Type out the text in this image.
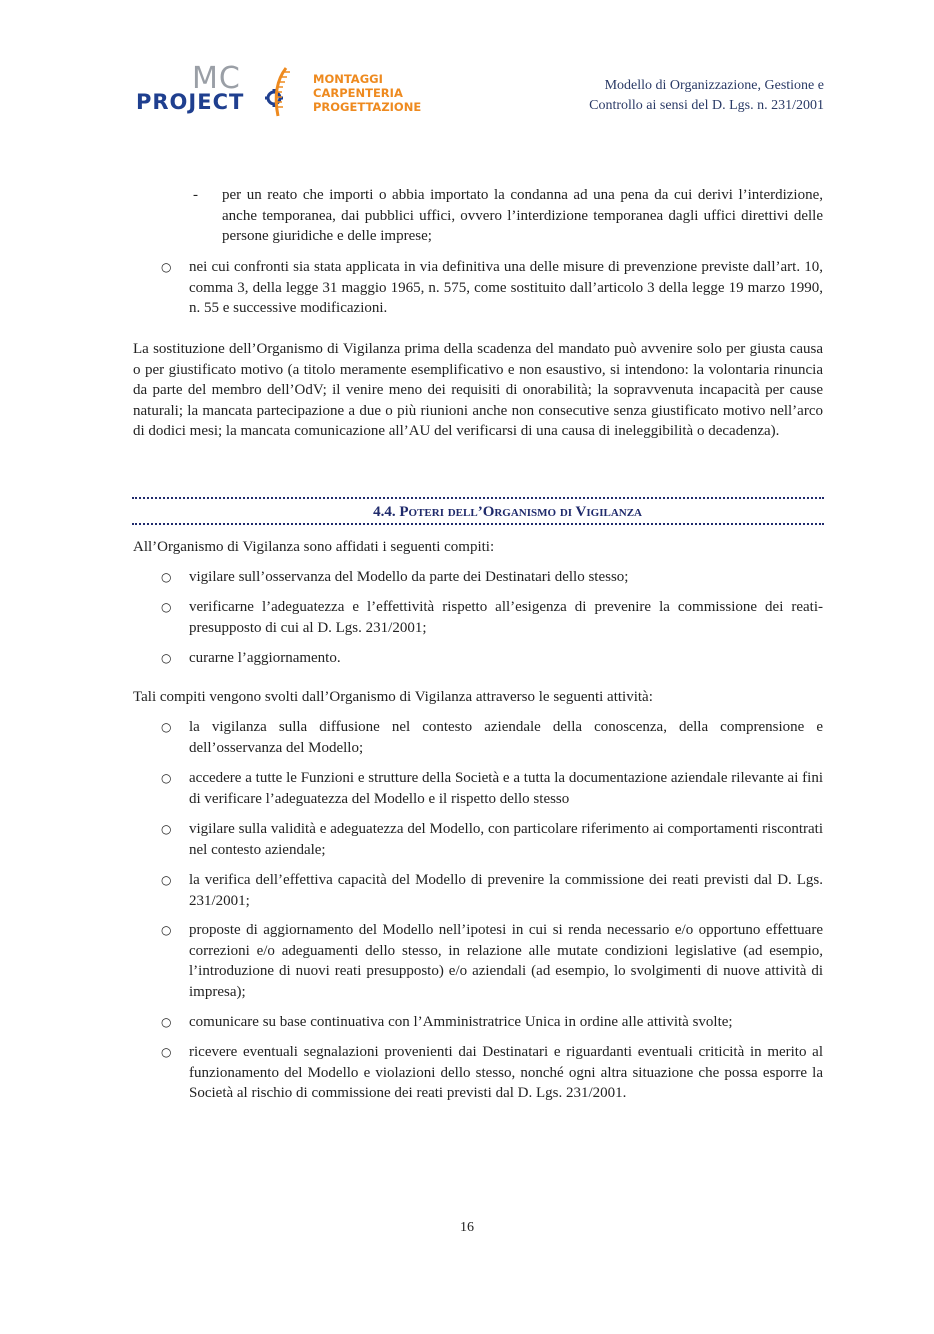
MC
PROJECT
MONTAGGI
CARPENTERIA
PROGETTAZIONE
Modello di Organizzazione, Gestione e
Controllo ai sensi del D. Lgs. n. 231/2001
- per un reato che importi o abbia importato la condanna ad una pena da cui derivi l’interdizione, anche temporanea, dai pubblici uffici, ovvero l’interdizione temporanea dagli uffici direttivi delle persone giuridiche e delle imprese;
○	nei cui confronti sia stata applicata in via definitiva una delle misure di prevenzione previste dall’art. 10, comma 3, della legge 31 maggio 1965, n. 575, come sostituito dall’articolo 3 della legge 19 marzo 1990, n. 55 e successive modificazioni.
La sostituzione dell’Organismo di Vigilanza prima della scadenza del mandato può avvenire solo per giusta causa o per giustificato motivo (a titolo meramente esemplificativo e non esaustivo, si intendono: la volontaria rinuncia da parte del membro dell’OdV; il venire meno dei requisiti di onorabilità; la sopravvenuta incapacità per cause naturali; la mancata partecipazione a due o più riunioni anche non consecutive senza giustificato motivo nell’arco di dodici mesi; la mancata comunicazione all’AU del verificarsi di una causa di ineleggibilità o decadenza).
4.4. Poteri dell’Organismo di Vigilanza
All’Organismo di Vigilanza sono affidati i seguenti compiti:
○	vigilare sull’osservanza del Modello da parte dei Destinatari dello stesso;
○	verificarne l’adeguatezza e l’effettività rispetto all’esigenza di prevenire la commissione dei reati-presupposto di cui al D. Lgs. 231/2001;
○	curarne l’aggiornamento.
Tali compiti vengono svolti dall’Organismo di Vigilanza attraverso le seguenti attività:
○	la vigilanza sulla diffusione nel contesto aziendale della conoscenza, della comprensione e dell’osservanza del Modello;
○	accedere a tutte le Funzioni e strutture della Società e a tutta la documentazione aziendale rilevante ai fini di verificare l’adeguatezza del Modello e il rispetto dello stesso
○	vigilare sulla validità e adeguatezza del Modello, con particolare riferimento ai comportamenti riscontrati nel contesto aziendale;
○	la verifica dell’effettiva capacità del Modello di prevenire la commissione dei reati previsti dal D. Lgs. 231/2001;
○	proposte di aggiornamento del Modello nell’ipotesi in cui si renda necessario e/o opportuno effettuare correzioni e/o adeguamenti dello stesso, in relazione alle mutate condizioni legislative (ad esempio, l’introduzione di nuovi reati presupposto) e/o aziendali (ad esempio, lo svolgimenti di nuove attività di impresa);
○	comunicare su base continuativa con l’Amministratrice Unica in ordine alle attività svolte;
○	ricevere eventuali segnalazioni provenienti dai Destinatari e riguardanti eventuali criticità in merito al funzionamento del Modello e violazioni dello stesso, nonché ogni altra situazione che possa esporre la Società al rischio di commissione dei reati previsti dal D. Lgs. 231/2001.
16
